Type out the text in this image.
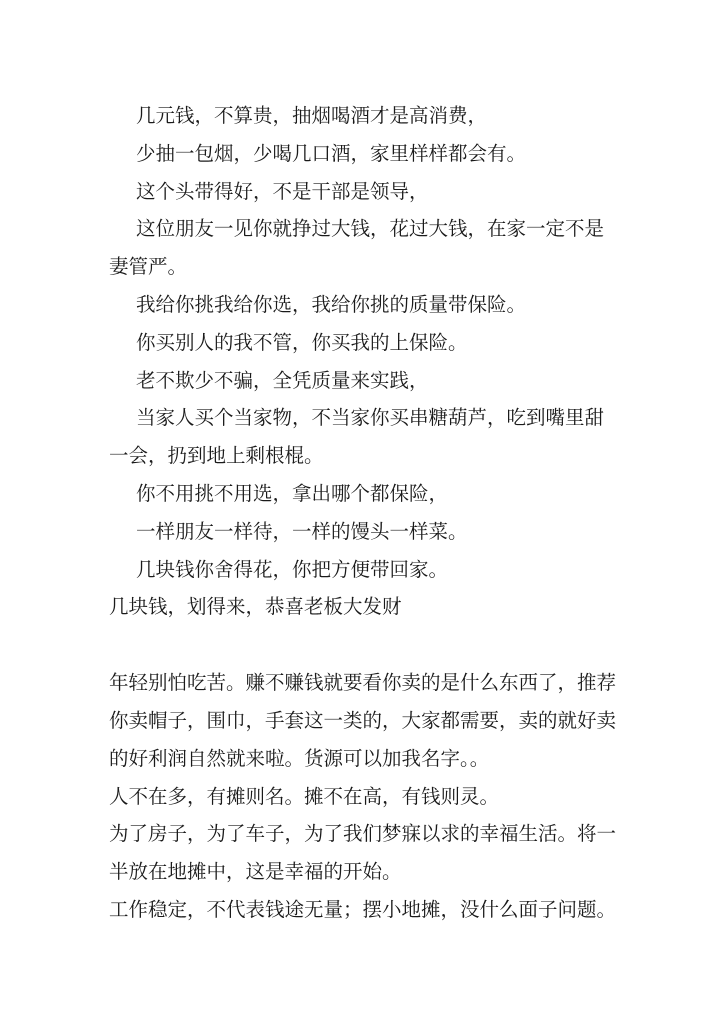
几元钱，不算贵，抽烟喝酒才是高消费，

少抽一包烟，少喝几口酒，家里样样都会有。

这个头带得好，不是干部是领导，

这位朋友一见你就挣过大钱，花过大钱，在家一定不是妻管严。

我给你挑我给你选，我给你挑的质量带保险。

你买别人的我不管，你买我的上保险。

老不欺少不骗，全凭质量来实践，

当家人买个当家物，不当家你买串糖葫芦，吃到嘴里甜一会，扔到地上剩根棍。

你不用挑不用选，拿出哪个都保险，

一样朋友一样待，一样的馒头一样菜。

几块钱你舍得花，你把方便带回家。

几块钱，划得来，恭喜老板大发财

年轻别怕吃苦。赚不赚钱就要看你卖的是什么东西了，推荐你卖帽子，围巾，手套这一类的，大家都需要，卖的就好卖的好利润自然就来啦。货源可以加我名字。。

人不在多，有摊则名。摊不在高，有钱则灵。

为了房子，为了车子，为了我们梦寐以求的幸福生活。将一半放在地摊中，这是幸福的开始。

工作稳定，不代表钱途无量；摆小地摊，没什么面子问题。
